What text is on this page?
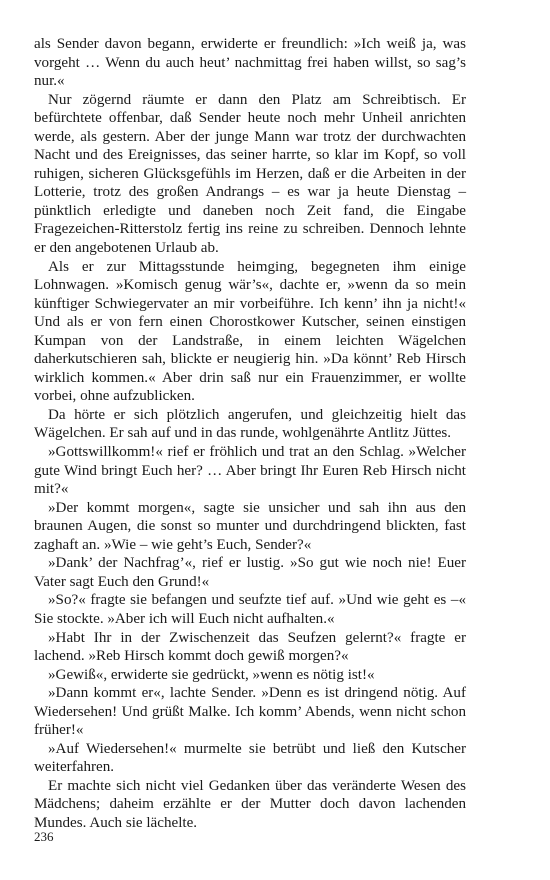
als Sender davon begann, erwiderte er freundlich: »Ich weiß ja, was vorgeht … Wenn du auch heut’ nachmittag frei haben willst, so sag’s nur.«

Nur zögernd räumte er dann den Platz am Schreibtisch. Er befürchtete offenbar, daß Sender heute noch mehr Unheil anrichten werde, als gestern. Aber der junge Mann war trotz der durchwachten Nacht und des Ereignisses, das seiner harrte, so klar im Kopf, so voll ruhigen, sicheren Glücksgefühls im Herzen, daß er die Arbeiten in der Lotterie, trotz des großen Andrangs – es war ja heute Dienstag – pünktlich erledigte und daneben noch Zeit fand, die Eingabe Fragezeichen-Ritterstolz fertig ins reine zu schreiben. Dennoch lehnte er den angebotenen Urlaub ab.

Als er zur Mittagsstunde heimging, begegneten ihm einige Lohnwagen. »Komisch genug wär’s«, dachte er, »wenn da so mein künftiger Schwiegervater an mir vorbeiführe. Ich kenn’ ihn ja nicht!« Und als er von fern einen Chorostkower Kutscher, seinen einstigen Kumpan von der Landstraße, in einem leichten Wägelchen daherkutschieren sah, blickte er neugierig hin. »Da könnt’ Reb Hirsch wirklich kommen.« Aber drin saß nur ein Frauenzimmer, er wollte vorbei, ohne aufzublicken.

Da hörte er sich plötzlich angerufen, und gleichzeitig hielt das Wägelchen. Er sah auf und in das runde, wohlgenährte Antlitz Jüttes.

»Gottswillkomm!« rief er fröhlich und trat an den Schlag. »Welcher gute Wind bringt Euch her? … Aber bringt Ihr Euren Reb Hirsch nicht mit?«

»Der kommt morgen«, sagte sie unsicher und sah ihn aus den braunen Augen, die sonst so munter und durchdringend blickten, fast zaghaft an. »Wie – wie geht’s Euch, Sender?«

»Dank’ der Nachfrag’«, rief er lustig. »So gut wie noch nie! Euer Vater sagt Euch den Grund!«

»So?« fragte sie befangen und seufzte tief auf. »Und wie geht es –« Sie stockte. »Aber ich will Euch nicht aufhalten.«

»Habt Ihr in der Zwischenzeit das Seufzen gelernt?« fragte er lachend. »Reb Hirsch kommt doch gewiß morgen?«

»Gewiß«, erwiderte sie gedrückt, »wenn es nötig ist!«

»Dann kommt er«, lachte Sender. »Denn es ist dringend nötig. Auf Wiedersehen! Und grüßt Malke. Ich komm’ Abends, wenn nicht schon früher!«

»Auf Wiedersehen!« murmelte sie betrübt und ließ den Kutscher weiterfahren.

Er machte sich nicht viel Gedanken über das veränderte Wesen des Mädchens; daheim erzählte er der Mutter doch davon lachenden Mundes. Auch sie lächelte.

236
